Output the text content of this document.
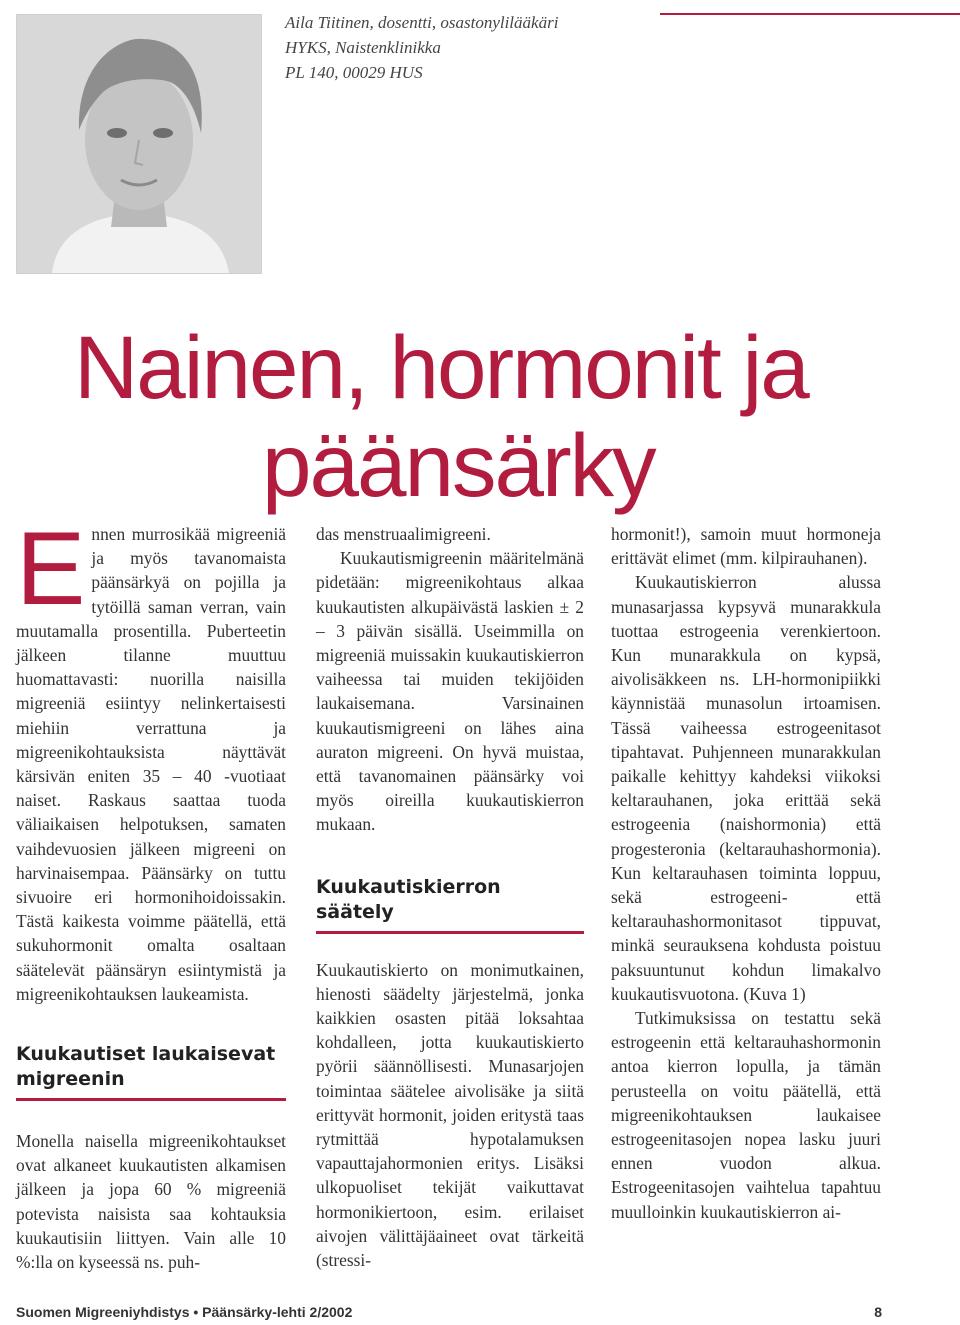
Aila Tiitinen, dosentti, osastonylilääkäri
HYKS, Naistenklinikka
PL 140, 00029 HUS
Nainen, hormonit ja
päänsärky

E nnen murrosikää migreeniä ja myös tavanomaista päänsärkyä on pojilla ja tytöillä saman verran, vain muutamalla prosentilla. Puberteetin jälkeen tilanne muuttuu huomattavasti: nuorilla naisilla migreeniä esiintyy nelinkertaisesti miehiin verrattuna ja migreenikohtauksista näyttävät kärsivän eniten 35 – 40 -vuotiaat naiset. Raskaus saattaa tuoda väliaikaisen helpotuksen, samaten vaihdevuosien jälkeen migreeni on harvinaisempaa. Päänsärky on tuttu sivuoire eri hormonihoidoissakin. Tästä kaikesta voimme päätellä, että sukuhormonit omalta osaltaan säätelevät päänsäryn esiintymistä ja migreenikohtauksen laukeamista.

Kuukautiset laukaisevat migreenin

Monella naisella migreenikohtaukset ovat alkaneet kuukautisten alkamisen jälkeen ja jopa 60 % migreeniä potevista naisista saa kohtauksia kuukautisiin liittyen. Vain alle 10 %:lla on kyseessä ns. puh-

das menstruaalimigreeni.

Kuukautismigreenin määritelmänä pidetään: migreenikohtaus alkaa kuukautisten alkupäivästä laskien ± 2 – 3 päivän sisällä. Useimmilla on migreeniä muissakin kuukautiskierron vaiheessa tai muiden tekijöiden laukaisemana. Varsinainen kuukautismigreeni on lähes aina auraton migreeni. On hyvä muistaa, että tavanomainen päänsärky voi myös oireilla kuukautiskierron mukaan.

Kuukautiskierron säätely

Kuukautiskierto on monimutkainen, hienosti säädelty järjestelmä, jonka kaikkien osasten pitää loksahtaa kohdalleen, jotta kuukautiskierto pyörii säännöllisesti. Munasarjojen toimintaa säätelee aivolisäke ja siitä erittyvät hormonit, joiden eritystä taas rytmittää hypotalamuksen vapauttajahormonien eritys. Lisäksi ulkopuoliset tekijät vaikuttavat hormonikiertoon, esim. erilaiset aivojen välittäjäaineet ovat tärkeitä (stressi-

hormonit!), samoin muut hormoneja erittävät elimet (mm. kilpirauhanen).

Kuukautiskierron alussa munasarjassa kypsyvä munarakkula tuottaa estrogeenia verenkiertoon. Kun munarakkula on kypsä, aivolisäkkeen ns. LH-hormonipiikki käynnistää munasolun irtoamisen. Tässä vaiheessa estrogeenitasot tipahtavat. Puhjenneen munarakkulan paikalle kehittyy kahdeksi viikoksi keltarauhanen, joka erittää sekä estrogeenia (naishormonia) että progesteronia (keltarauhashormonia). Kun keltarauhasen toiminta loppuu, sekä estrogeeni- että keltarauhashormonitasot tippuvat, minkä seurauksena kohdusta poistuu paksuuntunut kohdun limakalvo kuukautisvuotona. (Kuva 1)

Tutkimuksissa on testattu sekä estrogeenin että keltarauhashormonin antoa kierron lopulla, ja tämän perusteella on voitu päätellä, että migreenikohtauksen laukaisee estrogeenitasojen nopea lasku juuri ennen vuodon alkua. Estrogeenitasojen vaihtelua tapahtuu muulloinkin kuukautiskierron ai-

Suomen Migreeniyhdistys • Päänsärky-lehti 2/2002	8
